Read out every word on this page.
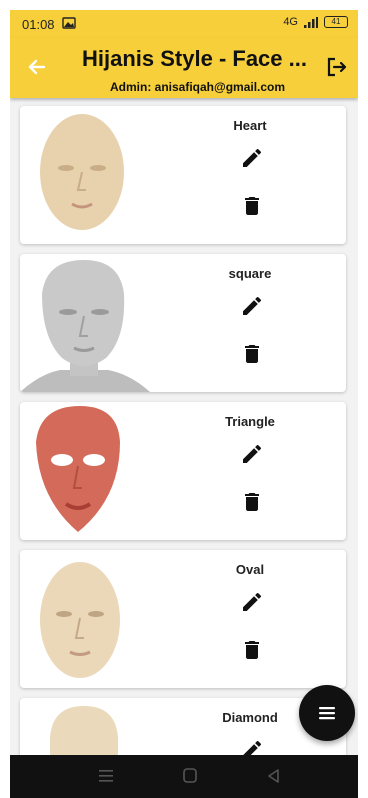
01:08	4G	41
Hijanis Style - Face ...
Admin: anisafiqah@gmail.com
Heart
square
Triangle
Oval
Diamond
